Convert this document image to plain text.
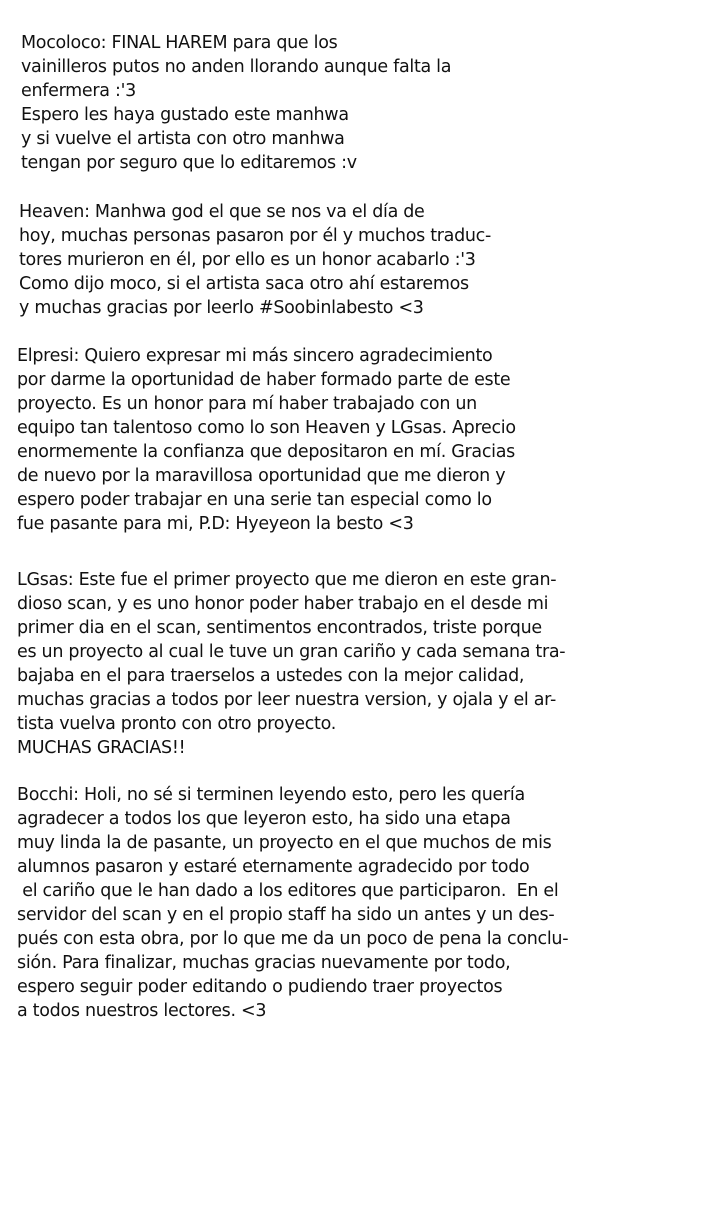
Mocoloco: FINAL HAREM para que los
vainilleros putos no anden llorando aunque falta la
enfermera :'3
Espero les haya gustado este manhwa
y si vuelve el artista con otro manhwa
tengan por seguro que lo editaremos :v
Heaven: Manhwa god el que se nos va el día de
hoy, muchas personas pasaron por él y muchos traduc-
tores murieron en él, por ello es un honor acabarlo :'3
Como dijo moco, si el artista saca otro ahí estaremos
y muchas gracias por leerlo #Soobinlabesto <3
Elpresi: Quiero expresar mi más sincero agradecimiento
por darme la oportunidad de haber formado parte de este
proyecto. Es un honor para mí haber trabajado con un
equipo tan talentoso como lo son Heaven y LGsas. Aprecio
enormemente la confianza que depositaron en mí. Gracias
de nuevo por la maravillosa oportunidad que me dieron y
espero poder trabajar en una serie tan especial como lo
fue pasante para mi, P.D: Hyeyeon la besto <3
LGsas: Este fue el primer proyecto que me dieron en este gran-
dioso scan, y es uno honor poder haber trabajo en el desde mi
primer dia en el scan, sentimentos encontrados, triste porque
es un proyecto al cual le tuve un gran cariño y cada semana tra-
bajaba en el para traerselos a ustedes con la mejor calidad,
muchas gracias a todos por leer nuestra version, y ojala y el ar-
tista vuelva pronto con otro proyecto.
MUCHAS GRACIAS!!
Bocchi: Holi, no sé si terminen leyendo esto, pero les quería
agradecer a todos los que leyeron esto, ha sido una etapa
muy linda la de pasante, un proyecto en el que muchos de mis
alumnos pasaron y estaré eternamente agradecido por todo
el cariño que le han dado a los editores que participaron.  En el
servidor del scan y en el propio staff ha sido un antes y un des-
pués con esta obra, por lo que me da un poco de pena la conclu-
sión. Para finalizar, muchas gracias nuevamente por todo,
espero seguir poder editando o pudiendo traer proyectos
a todos nuestros lectores. <3
